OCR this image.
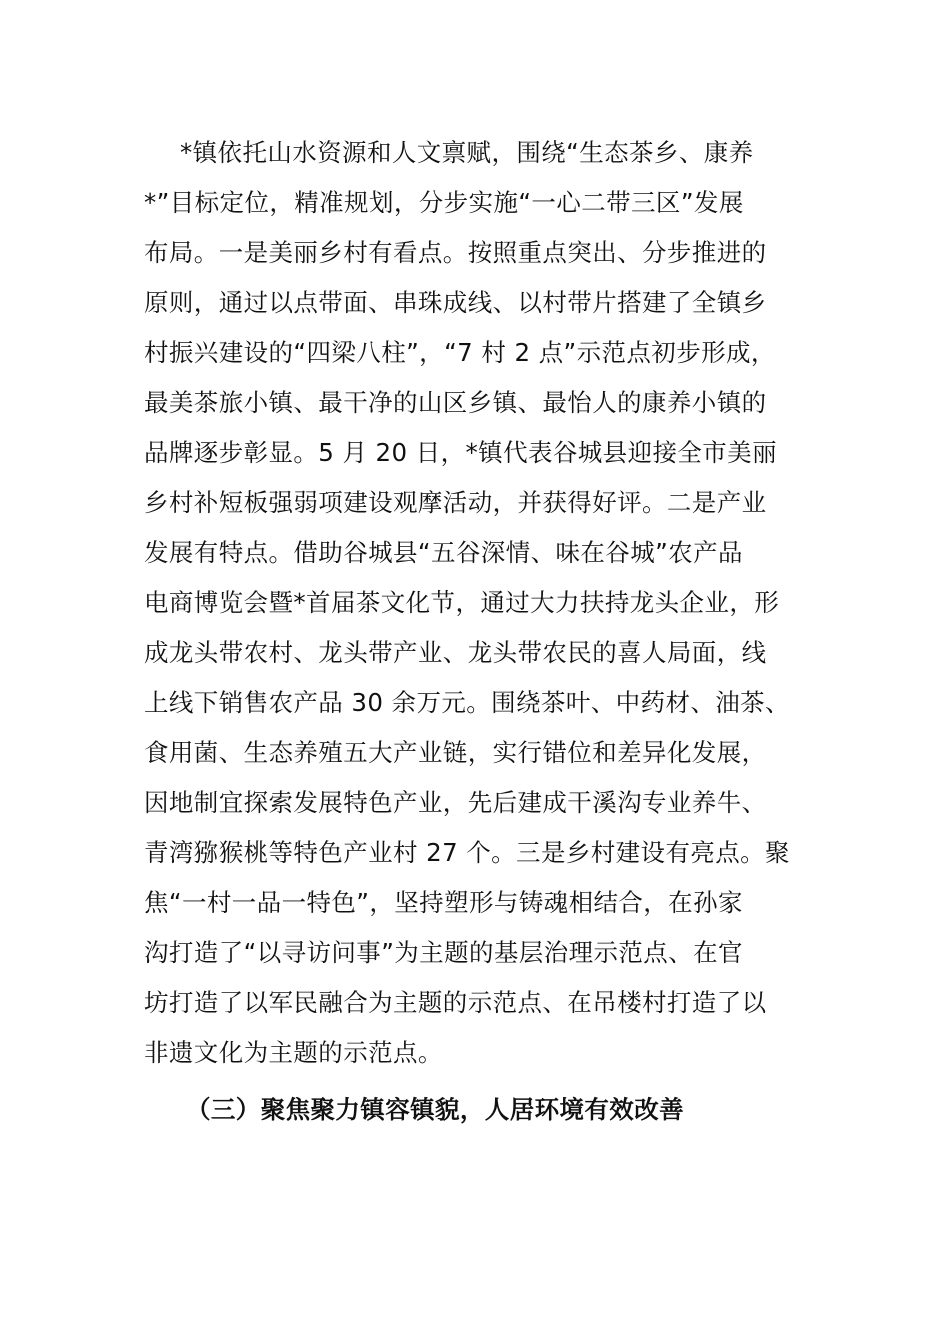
*镇依托山水资源和人文禀赋，围绕“生态茶乡、康养
*”目标定位，精准规划，分步实施“一心二带三区”发展
布局。一是美丽乡村有看点。按照重点突出、分步推进的
原则，通过以点带面、串珠成线、以村带片搭建了全镇乡
村振兴建设的“四梁八柱”，“7 村 2 点”示范点初步形成，
最美茶旅小镇、最干净的山区乡镇、最怡人的康养小镇的
品牌逐步彰显。5 月 20 日，*镇代表谷城县迎接全市美丽
乡村补短板强弱项建设观摩活动，并获得好评。二是产业
发展有特点。借助谷城县“五谷深情、味在谷城”农产品
电商博览会暨*首届茶文化节，通过大力扶持龙头企业，形
成龙头带农村、龙头带产业、龙头带农民的喜人局面，线
上线下销售农产品 30 余万元。围绕茶叶、中药材、油茶、
食用菌、生态养殖五大产业链，实行错位和差异化发展，
因地制宜探索发展特色产业，先后建成干溪沟专业养牛、
青湾猕猴桃等特色产业村 27 个。三是乡村建设有亮点。聚
焦“一村一品一特色”，坚持塑形与铸魂相结合，在孙家
沟打造了“以寻访问事”为主题的基层治理示范点、在官
坊打造了以军民融合为主题的示范点、在吊楼村打造了以
非遗文化为主题的示范点。
（三）聚焦聚力镇容镇貌，人居环境有效改善
